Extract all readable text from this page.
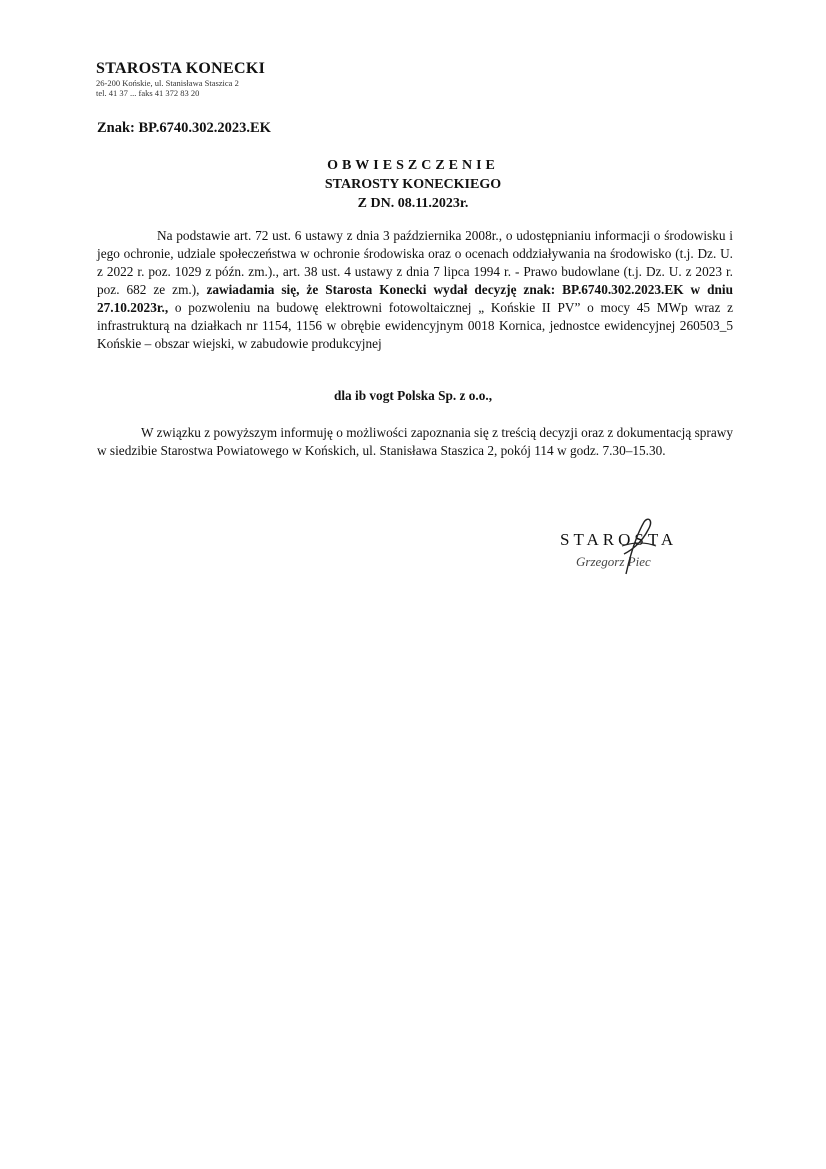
STAROSTA KONECKI
26-200 Końskie, ul. Stanisława Staszica 2
tel. 41 37 ... faks 41 372 83 20
Znak: BP.6740.302.2023.EK
OBWIESZCZENIE
STAROSTY KONECKIEGO
Z DN. 08.11.2023r.

Na podstawie art. 72 ust. 6 ustawy z dnia 3 października 2008r., o udostępnianiu informacji o środowisku i jego ochronie, udziale społeczeństwa w ochronie środowiska oraz o ocenach oddziaływania na środowisko (t.j. Dz. U. z 2022 r. poz. 1029 z późn. zm.)., art. 38 ust. 4 ustawy z dnia 7 lipca 1994 r. - Prawo budowlane (t.j. Dz. U. z 2023 r. poz. 682 ze zm.), zawiadamia się, że Starosta Konecki wydał decyzję znak: BP.6740.302.2023.EK w dniu 27.10.2023r., o pozwoleniu na budowę elektrowni fotowoltaicznej „ Końskie II PV” o mocy 45 MWp wraz z infrastrukturą na działkach nr 1154, 1156 w obrębie ewidencyjnym 0018 Kornica, jednostce ewidencyjnej 260503_5 Końskie – obszar wiejski, w zabudowie produkcyjnej

dla ib vogt Polska Sp. z o.o.,
W związku z powyższym informuję o możliwości zapoznania się z treścią decyzji oraz z dokumentacją sprawy w siedzibie Starostwa Powiatowego w Końskich, ul. Stanisława Staszica 2, pokój 114 w godz. 7.30–15.30.
STAROSTA
Grzegorz Piec
